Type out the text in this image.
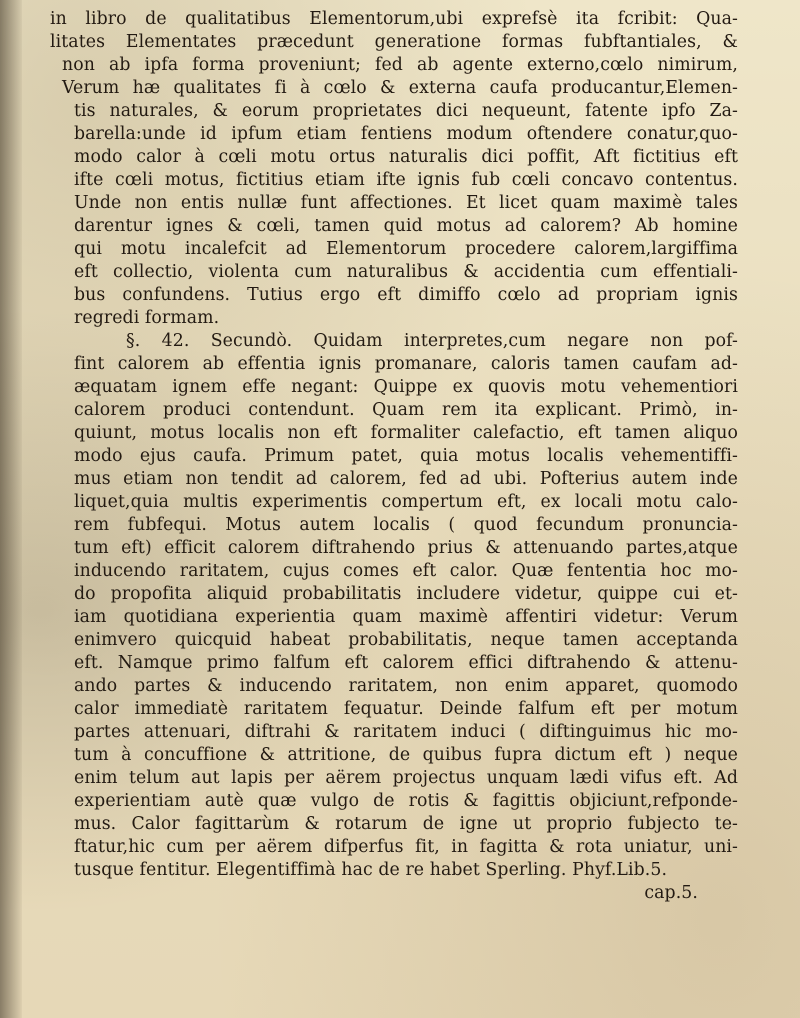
in libro de qualitatibus Elementorum,ubi exprefsè ita fcribit: Qua-
litates Elementates præcedunt generatione formas fubftantiales, &
non ab ipfa forma proveniunt; fed ab agente externo,cœlo nimirum,
Verum hæ qualitates fi à cœlo & externa caufa producantur,Elemen-
tis naturales, & eorum proprietates dici nequeunt, fatente ipfo Za-
barella:unde id ipfum etiam fentiens modum oftendere conatur,quo-
modo calor à cœli motu ortus naturalis dici poffit, Aft fictitius eft
ifte cœli motus, fictitius etiam ifte ignis fub cœli concavo contentus.
Unde non entis nullæ funt affectiones. Et licet quam maximè tales
darentur ignes & cœli, tamen quid motus ad calorem? Ab homine
qui motu incalefcit ad Elementorum procedere calorem,largiffima
eft collectio, violenta cum naturalibus & accidentia cum effentiali-
bus confundens. Tutius ergo eft dimiffo cœlo ad propriam ignis
regredi formam.
§. 42. Secundò. Quidam interpretes,cum negare non pof-
fint calorem ab effentia ignis promanare, caloris tamen caufam ad-
æquatam ignem effe negant: Quippe ex quovis motu vehementiori
calorem produci contendunt. Quam rem ita explicant. Primò, in-
quiunt, motus localis non eft formaliter calefactio, eft tamen aliquo
modo ejus caufa. Primum patet, quia motus localis vehementiffi-
mus etiam non tendit ad calorem, fed ad ubi. Pofterius autem inde
liquet,quia multis experimentis compertum eft, ex locali motu calo-
rem fubfequi. Motus autem localis ( quod fecundum pronuncia-
tum eft) efficit calorem diftrahendo prius & attenuando partes,atque
inducendo raritatem, cujus comes eft calor. Quæ fententia hoc mo-
do propofita aliquid probabilitatis includere videtur, quippe cui et-
iam quotidiana experientia quam maximè affentiri videtur: Verum
enimvero quicquid habeat probabilitatis, neque tamen acceptanda
eft. Namque primo falfum eft calorem effici diftrahendo & attenu-
ando partes & inducendo raritatem, non enim apparet, quomodo
calor immediatè raritatem fequatur. Deinde falfum eft per motum
partes attenuari, diftrahi & raritatem induci ( diftinguimus hic mo-
tum à concuffione & attritione, de quibus fupra dictum eft ) neque
enim telum aut lapis per aërem projectus unquam lædi vifus eft. Ad
experientiam autè quæ vulgo de rotis & fagittis objiciunt,refponde-
mus. Calor fagittarùm & rotarum de igne ut proprio fubjecto te-
ftatur,hic cum per aërem difperfus fit, in fagitta & rota uniatur, uni-
tusque fentitur. Elegentiffimà hac de re habet Sperling. Phyf.Lib.5.
cap.5.
